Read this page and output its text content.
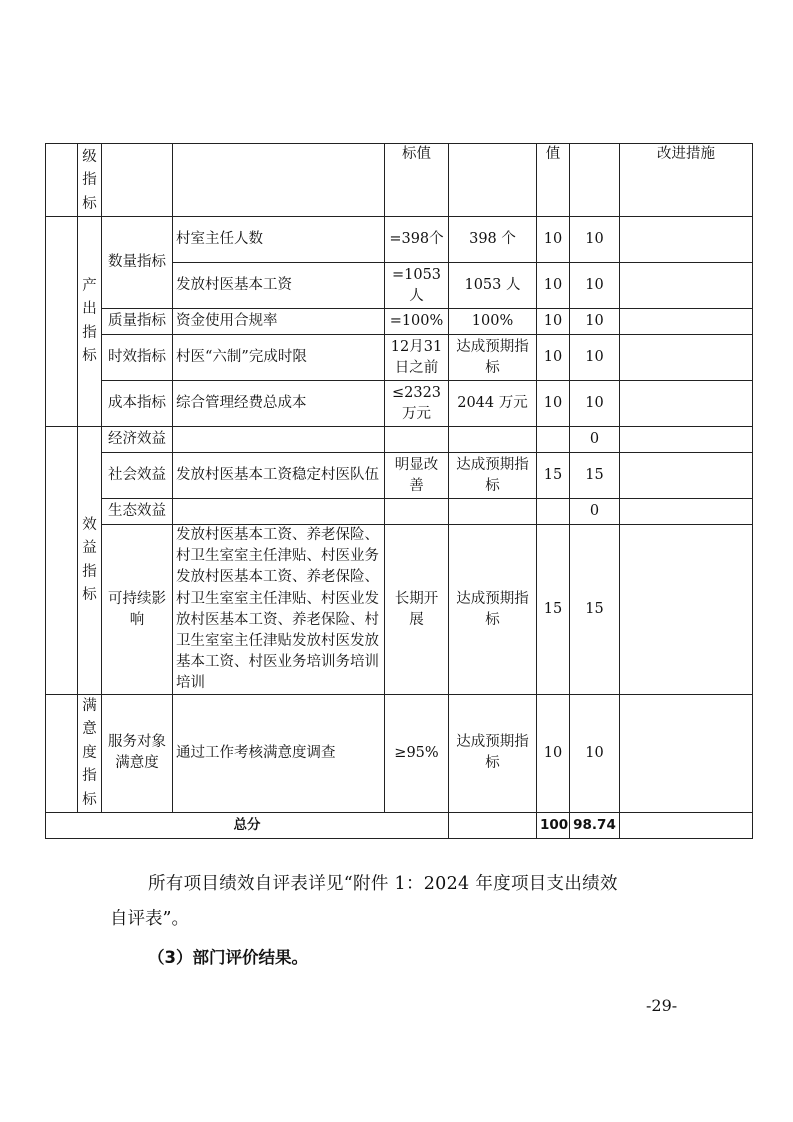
	级指标			标值		值		改进措施
	产出指标	数量指标	村室主任人数	=398个	398 个	10	10	
			发放村医基本工资	=1053人	1053 人	10	10	
		质量指标	资金使用合规率	=100%	100%	10	10	
		时效指标	村医“六制”完成时限	12月31日之前	达成预期指标	10	10	
		成本指标	综合管理经费总成本	≤2323万元	2044 万元	10	10	
	效益指标	经济效益					0	
		社会效益	发放村医基本工资稳定村医队伍	明显改善	达成预期指标	15	15	
		生态效益					0	
		可持续影响	发放村医基本工资、养老保险、村卫生室室主任津贴、村医业务发放村医基本工资、养老保险、村卫生室室主任津贴、村医业发放村医基本工资、养老保险、村卫生室室主任津贴发放村医发放基本工资、村医业务培训务培训培训	长期开展	达成预期指标	15	15	
	满意度指标	服务对象满意度	通过工作考核满意度调查	≥95%	达成预期指标	10	10	
总分						100	98.74	
所有项目绩效自评表详见“附件 1：2024 年度项目支出绩效
自评表”。
（3）部门评价结果。
-29-
